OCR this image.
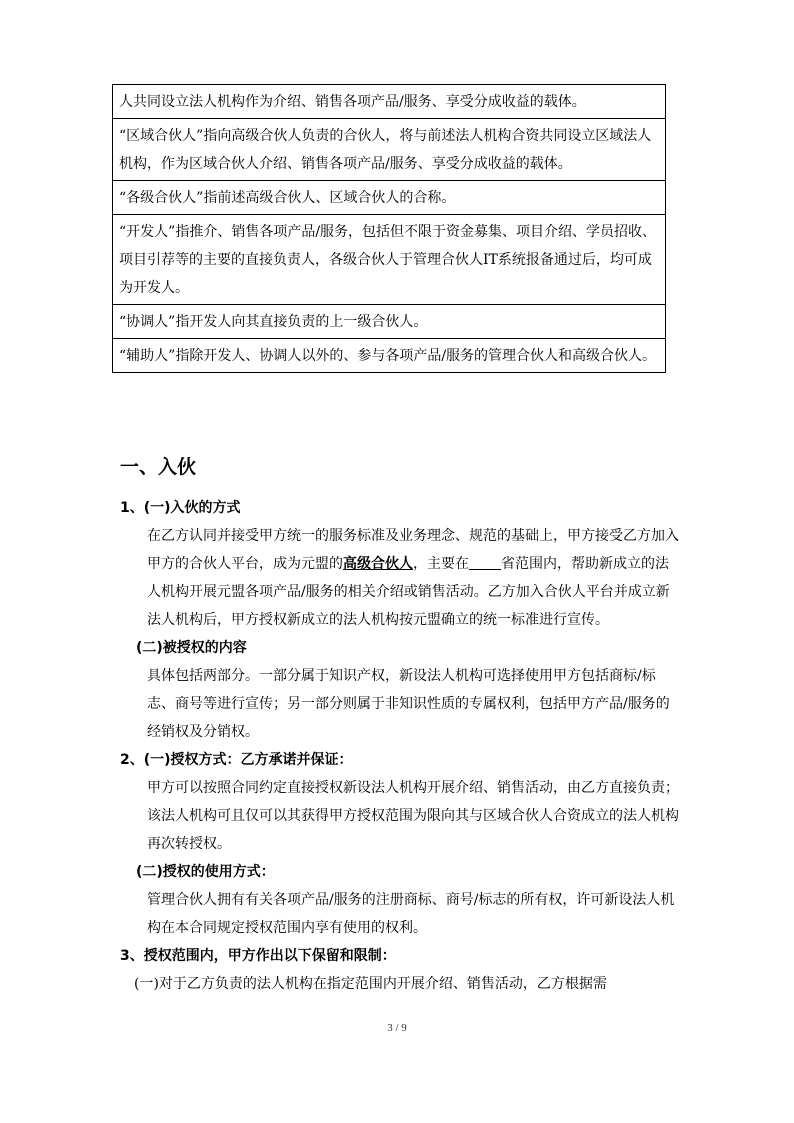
人共同设立法人机构作为介绍、销售各项产品/服务、享受分成收益的载体。
“区域合伙人”指向高级合伙人负责的合伙人，将与前述法人机构合资共同设立区域法人机构，作为区域合伙人介绍、销售各项产品/服务、享受分成收益的载体。
“各级合伙人”指前述高级合伙人、区域合伙人的合称。
“开发人”指推介、销售各项产品/服务，包括但不限于资金募集、项目介绍、学员招收、项目引荐等的主要的直接负责人，各级合伙人于管理合伙人IT系统报备通过后，均可成为开发人。
“协调人”指开发人向其直接负责的上一级合伙人。
“辅助人”指除开发人、协调人以外的、参与各项产品/服务的管理合伙人和高级合伙人。
一、入伙
1、(一)入伙的方式
在乙方认同并接受甲方统一的服务标准及业务理念、规范的基础上，甲方接受乙方加入甲方的合伙人平台，成为元盟的高级合伙人，主要在 省范围内，帮助新成立的法人机构开展元盟各项产品/服务的相关介绍或销售活动。乙方加入合伙人平台并成立新法人机构后，甲方授权新成立的法人机构按元盟确立的统一标准进行宣传。
(二)被授权的内容
具体包括两部分。一部分属于知识产权，新设法人机构可选择使用甲方包括商标/标志、商号等进行宣传；另一部分则属于非知识性质的专属权利，包括甲方产品/服务的经销权及分销权。
2、(一)授权方式：乙方承诺并保证：
甲方可以按照合同约定直接授权新设法人机构开展介绍、销售活动，由乙方直接负责；该法人机构可且仅可以其获得甲方授权范围为限向其与区域合伙人合资成立的法人机构再次转授权。
(二)授权的使用方式：
管理合伙人拥有有关各项产品/服务的注册商标、商号/标志的所有权，许可新设法人机构在本合同规定授权范围内享有使用的权利。
3、授权范围内，甲方作出以下保留和限制：
(一)对于乙方负责的法人机构在指定范围内开展介绍、销售活动，乙方根据需
3 / 9
